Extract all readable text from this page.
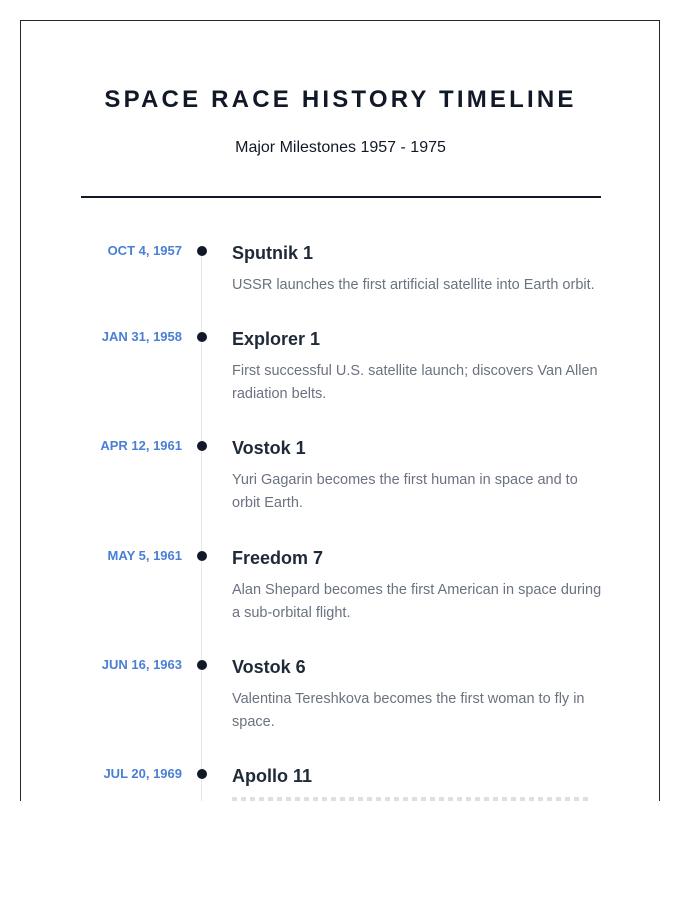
SPACE RACE HISTORY TIMELINE

Major Milestones 1957 - 1975

OCT 4, 1957	Sputnik 1
USSR launches the first artificial satellite into Earth orbit.
JAN 31, 1958	Explorer 1
First successful U.S. satellite launch; discovers Van Allen radiation belts.
APR 12, 1961	Vostok 1
Yuri Gagarin becomes the first human in space and to orbit Earth.
MAY 5, 1961	Freedom 7
Alan Shepard becomes the first American in space during a sub-orbital flight.
JUN 16, 1963	Vostok 6
Valentina Tereshkova becomes the first woman to fly in space.
JUL 20, 1969	Apollo 11
